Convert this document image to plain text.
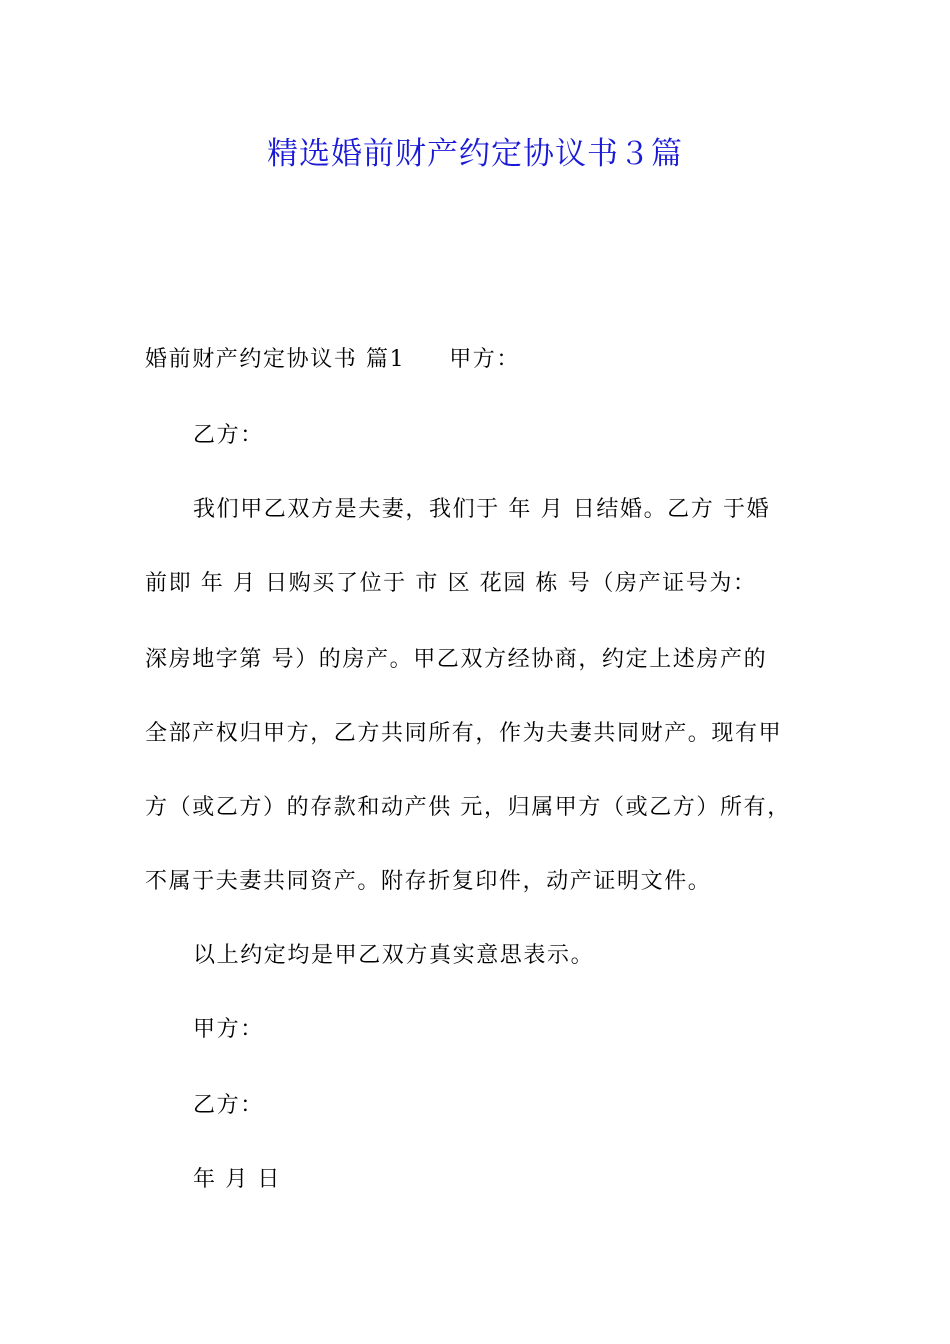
精选婚前财产约定协议书３篇
婚前财产约定协议书 篇1 甲方：
乙方：
我们甲乙双方是夫妻，我们于 年 月 日结婚。乙方 于婚
前即 年 月 日购买了位于 市 区 花园 栋 号（房产证号为：
深房地字第 号）的房产。甲乙双方经协商，约定上述房产的
全部产权归甲方，乙方共同所有，作为夫妻共同财产。现有甲
方（或乙方）的存款和动产供 元，归属甲方（或乙方）所有，
不属于夫妻共同资产。附存折复印件，动产证明文件。
以上约定均是甲乙双方真实意思表示。
甲方：
乙方：
年 月 日
